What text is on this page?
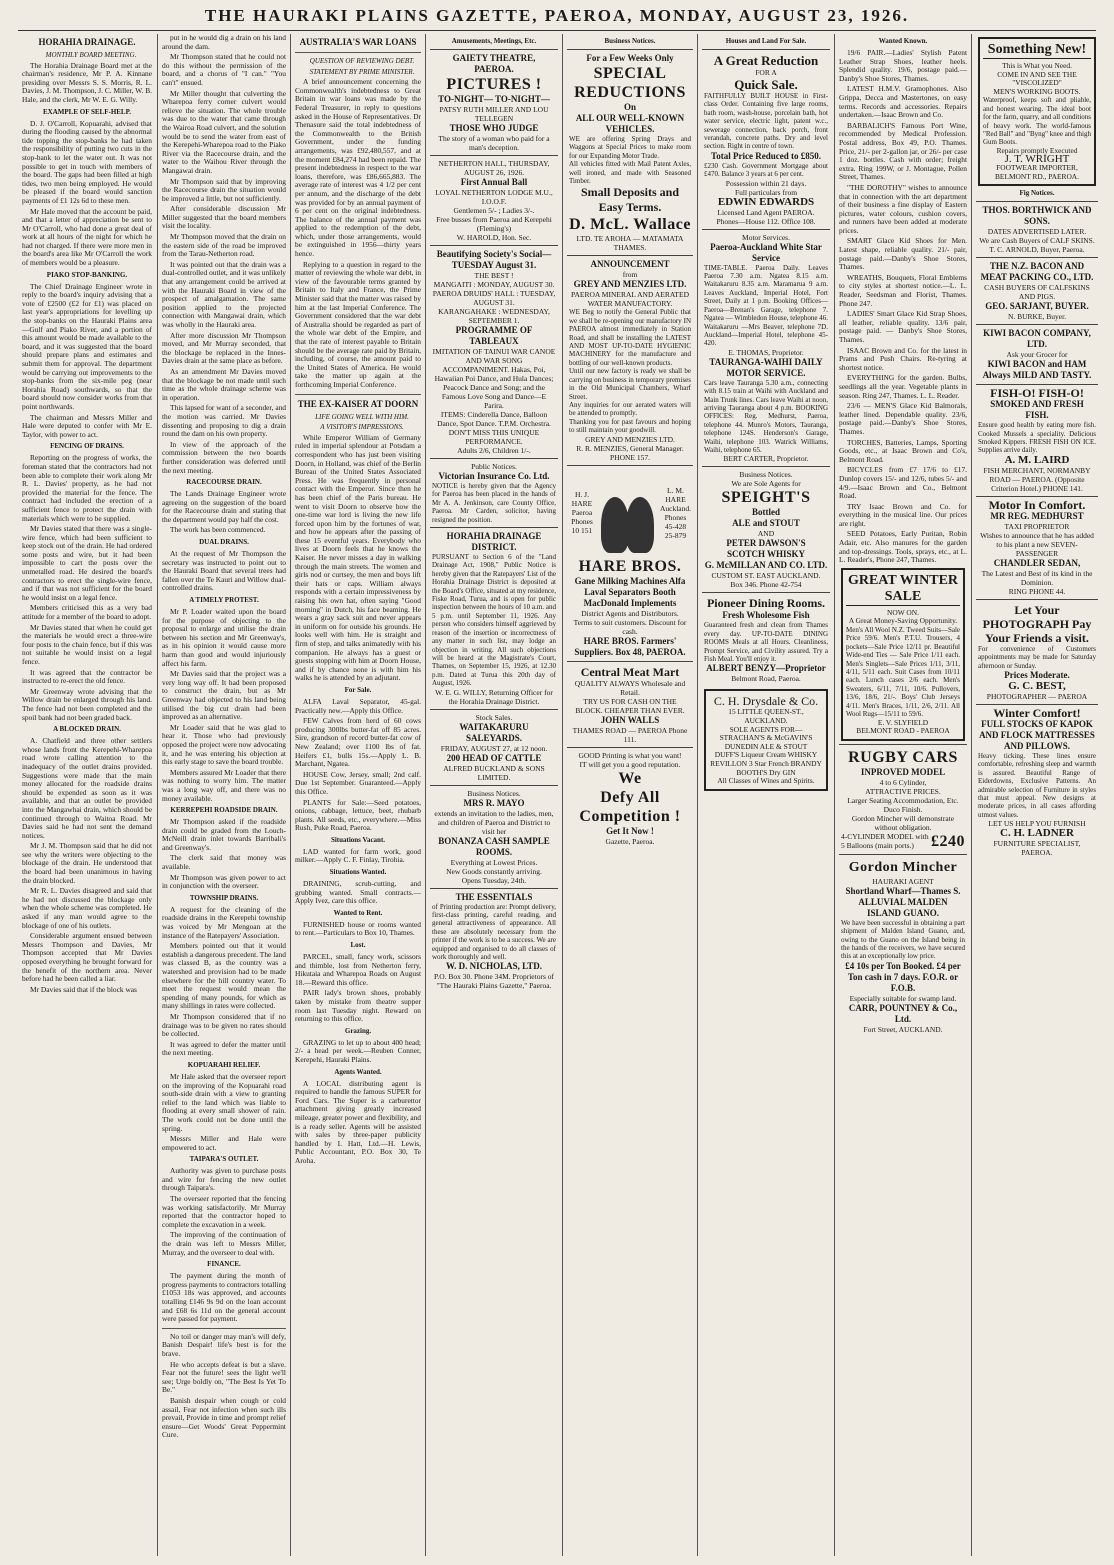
THE HAURAKI PLAINS GAZETTE, PAEROA, MONDAY, AUGUST 23, 1926.

HORAHIA DRAINAGE.

MONTHLY BOARD MEETING.

The Horahia Drainage Board met at the chairman's residence, Mr P. A. Kinnane presiding over Messrs S. S. Morris, R. L. Davies, J. M. Thompson, J. C. Miller, W. B. Hale, and the clerk, Mr W. E. G. Willy.

EXAMPLE OF SELF-HELP.

D. J. O'Carroll, Kopuarahi, advised that during the flooding caused by the abnormal tide topping the stop-banks he had taken the responsibility of putting two cuts in the stop-bank to let the water out. It was not possible to get in touch with members of the board. The gaps had been filled at high tides, two men being employed. He would be pleased if the board would sanction payments of £1 12s 6d to these men.

Mr Hale moved that the account be paid, and that a letter of appreciation be sent to Mr O'Carroll, who had done a great deal of work at all hours of the night for which he had not charged. If there were more men in the board's area like Mr O'Carroll the work of members would be a pleasure.

PIAKO STOP-BANKING.

The Chief Drainage Engineer wrote in reply to the board's inquiry advising that a vote of £2500 (£2 for £1) was placed on last year's appropriations for levelling up the stop-banks on the Hauraki Plains area—Gulf and Piako River, and a portion of this amount would be made available to the board, and it was suggested that the board should prepare plans and estimates and submit them for approval. The department would be carrying out improvements to the stop-banks from the six-mile peg (near Horahia Road) southwards, so that the board should now consider works from that point northwards.

The chairman and Messrs Miller and Hale were deputed to confer with Mr E. Taylor, with power to act.

FENCING OF DRAINS.

Reporting on the progress of works, the foreman stated that the contractors had not been able to complete their work along Mr R. L. Davies' property, as he had not provided the material for the fence. The contract had included the erection of a sufficient fence to protect the drain with materials which were to be supplied.

Mr Davies stated that there was a single-wire fence, which had been sufficient to keep stock out of the drain. He had ordered some posts and wire, but it had been impossible to cart the posts over the unmetalled road. He desired the board's contractors to erect the single-wire fence, and if that was not sufficient for the board he would insist on a legal fence.

Members criticised this as a very bad attitude for a member of the board to adopt.

Mr Davies stated that when he could get the materials he would erect a three-wire four posts to the chain fence, but if this was not suitable he would insist on a legal fence.

It was agreed that the contractor be instructed to re-erect the old fence.

Mr Greenway wrote advising that the Willow drain be enlarged through his land. The fence had not been completed and the spoil bank had not been graded back.

A BLOCKED DRAIN.

A. Chatfield and three other settlers whose lands front the Kerepehi-Wharepoa road wrote calling attention to the inadequacy of the outlet drains provided. Suggestions were made that the main money allocated for the roadside drains should be expended as soon as it was available, and that an outlet be provided into the Mangawhai drain, which should be continued through to Waitoa Road. Mr Davies said he had not sent the demand notices.

Mr J. M. Thompson said that he did not see why the writers were objecting to the blockage of the drain. He understood that the board had been unanimous in having the drain blocked.

Mr R. L. Davies disagreed and said that he had not discussed the blockage only when the whole scheme was completed. He asked if any man would agree to the blockage of one of his outlets.

Considerable argument ensued between Messrs Thompson and Davies, Mr Thompson accepted that Mr Davies opposed everything he brought forward for the benefit of the northern area. Never before had he been called a liar.

Mr Davies said that if the block was

put in he would dig a drain on his land around the dam.

Mr Thompson stated that he could not do this without the permission of the board, and a chorus of "I can." "You can't" ensued.

Mr Miller thought that culverting the Wharepoa ferry corner culvert would relieve the situation. The whole trouble was due to the water that came through the Wairoa Road culvert, and the solution would be to send the water from east of the Kerepehi-Wharepoa road to the Piako River via the Racecourse drain, and the water to the Waihou River through the Mangawai drain.

Mr Thompson said that by improving the Racecourse drain the situation would be improved a little, but not sufficiently.

After considerable discussion Mr Miller suggested that the board members visit the locality.

Mr Thompson moved that the drain on the eastern side of the road be improved from the Tarau-Netherton road.

It was pointed out that the drain was a dual-controlled outlet, and it was unlikely that any arrangement could be arrived at with the Hauraki Board in view of the prospect of amalgamation. The same position applied to the projected connection with Mangawai drain, which was wholly in the Hauraki area.

After more discussion Mr Thompson moved, and Mr Murray seconded, that the blockage be replaced in the Innes-Davies drain at the same place as before.

As an amendment Mr Davies moved that the blockage be not made until such time as the whole drainage scheme was in operation.

This lapsed for want of a seconder, and the motion was carried. Mr Davies dissenting and proposing to dig a drain round the dam on his own property.

In view of the approach of the commission between the two boards further consideration was deferred until the next meeting.

RACECOURSE DRAIN.

The Lands Drainage Engineer wrote agreeing on the suggestion of the board for the Racecourse drain and stating that the department would pay half the cost.

The work has been commenced.

DUAL DRAINS.

At the request of Mr Thompson the secretary was instructed to point out to the Hauraki Board that several trees had fallen over the Te Kauri and Willow dual-controlled drains.

A TIMELY PROTEST.

Mr P. Loader waited upon the board for the purpose of objecting to the proposal to enlarge and utilise the drain between his section and Mr Greenway's, as in his opinion it would cause more harm than good and would injuriously affect his farm.

Mr Davies said that the project was a very long way off. It had been proposed to construct the drain, but as Mr Greenway had objected to his land being utilised the big cut drain had been improved as an alternative.

Mr Loader said that he was glad to hear it. Those who had previously opposed the project were now advocating it, and he was entering his objection at this early stage to save the board trouble.

Members assured Mr Loader that there was nothing to worry him. The matter was a long way off, and there was no money available.

KERREPEHI ROADSIDE DRAIN.

Mr Thompson asked if the roadside drain could be graded from the Louch-McNeill drain inlet towards Barribali's and Greenway's.

The clerk said that money was available.

Mr Thompson was given power to act in conjunction with the overseer.

TOWNSHIP DRAINS.

A request for the cleaning of the roadside drains in the Kerepehi township was voiced by Mr Mengoan at the instance of the Ratepayers' Association.

Members pointed out that it would establish a dangerous precedent. The land was classed B, as the country was a watershed and provision had to be made elsewhere for the hill country water. To meet the request would mean the spending of many pounds, for which as many shillings in rates were collected.

Mr Thompson considered that if no drainage was to be given no rates should be collected.

It was agreed to defer the matter until the next meeting.

KOPUARAHI RELIEF.

Mr Hale asked that the overseer report on the improving of the Kopuarahi road south-side drain with a view to granting relief to the land which was liable to flooding at every small shower of rain. The work could not be done until the spring.

Messrs Miller and Hale were empowered to act.

TAIPARA'S OUTLET.

Authority was given to purchase posts and wire for fencing the new outlet through Taipara's.

The overseer reported that the fencing was working satisfactorily. Mr Murray reported that the contractor hoped to complete the excavation in a week.

The improving of the continuation of the drain was left to Messrs Miller, Murray, and the overseer to deal with.

FINANCE.

The payment during the month of progress payments to contractors totalling £1053 18s was approved, and accounts totalling £146 9s 9d on the loan account and £68 6s 11d on the general account were passed for payment.

No toil or danger may man's will defy, Banish Despair! life's best is for the brave.

He who accepts defeat is but a slave. Fear not the future! sees the light we'll see; Urge boldly on, "The Best Is Yet To Be."

Banish despair when cough or cold assail, Fear not infection when such ills prevail, Provide in time and prompt relief ensure—Get Woods' Great Peppermint Cure.

AUSTRALIA'S WAR LOANS

QUESTION OF REVIEWING DEBT.

STATEMENT BY PRIME MINISTER.

A brief announcement concerning the Commonwealth's indebtedness to Great Britain in war loans was made by the Federal Treasurer, in reply to questions asked in the House of Representatives. Dr Thenasure said the total indebtedness of the Commonwealth to the British Government, under the funding arrangements, was £92,480,557, and at the moment £84,274 had been repaid. The present indebtedness in respect to the war loans, therefore, was £86,665,883. The average rate of interest was 4 1/2 per cent per annum, and the discharge of the debt was provided for by an annual payment of 6 per cent on the original indebtedness. The balance of the annual payment was applied to the redemption of the debt, which, under those arrangements, would be extinguished in 1956—thirty years hence.

Replying to a question in regard to the matter of reviewing the whole war debt, in view of the favourable terms granted by Britain to Italy and France, the Prime Minister said that the matter was raised by him at the last Imperial Conference. The Government considered that the war debt of Australia should be regarded as part of the whole war debt of the Empire, and that the rate of interest payable to Britain should be the average rate paid by Britain, including, of course, the amount paid to the United States of America. He would take the matter up again at the forthcoming Imperial Conference.

THE EX-KAISER AT DOORN

LIFE GOING WELL WITH HIM.

A VISITOR'S IMPRESSIONS.

While Emperor William of Germany ruled in imperial splendour at Potsdam a correspondent who has just been visiting Doorn, in Holland, was chief of the Berlin Bureau of the United States Associated Press. He was frequently in personal contact with the Emperor. Since then he has been chief of the Paris bureau. He went to visit Doorn to observe how the one-time war lord is living the new life forced upon him by the fortunes of war, and how he appears after the passing of these 15 eventful years. Everybody who lives at Doorn feels that he knows the Kaiser. He never misses a day in walking through the main streets. The women and girls nod or curtsey, the men and boys lift their hats or caps. William always responds with a certain impressiveness by raising his own hat, often saying "Good morning" in Dutch, his face beaming. He wears a gray sack suit and never appears in uniform on for outside his grounds. He looks well with him. He is straight and firm of step, and talks animatedly with his companion. He always has a guest or guests stopping with him at Doorn House, and if by chance none is with him his walks he is attended by an adjutant.

For Sale.

ALFA Laval Separator, 45-gal. Practically new.—Apply this Office.

FEW Calves from herd of 60 cows producing 300lbs butter-fat off 85 acres. Sire, grandson of record butter-fat cow of New Zealand; over 1100 lbs of fat. Heifers £1, bulls 15s.—Apply L. B. Marchant, Ngatea.

HOUSE Cow, Jersey, small; 2nd calf. Due 1st September. Guaranteed.—Apply this Office.

PLANTS for Sale:—Seed potatoes, onions, cabbage, lettuce, beet, rhubarb plants. All seeds, etc., everywhere.—Miss Rush, Puke Road, Paeroa.

Situations Vacant.

LAD wanted for farm work, good milker.—Apply C. F. Finlay, Tirohia.

Situations Wanted.

DRAINING, scrub-cutting, and grubbing wanted. Small contracts.—Apply Ivez, care this office.

Wanted to Rent.

FURNISHED house or rooms wanted to rent.—Particulars to Box 10, Thames.

Lost.

PARCEL, small, fancy work, scissors and thimble, lost from Netherton ferry, Hikutaia and Wharepoa Roads on August 18.—Reward this office.

PAIR lady's brown shoes, probably taken by mistake from theatre supper room last Tuesday night. Reward on returning to this office.

Grazing.

GRAZING to let up to about 400 head; 2/- a head per week.—Reuben Conner, Kerepehi, Hauraki Plains.

Agents Wanted.

A LOCAL distributing agent is required to handle the famous SUPER for Ford Cars. The Super is a carburettor attachment giving greatly increased mileage, greater power and flexibility, and is a ready seller. Agents will be assisted with sales by three-paper publicity handled by I. Hatt, Ltd.—H. Lewis, Public Accountant, P.O. Box 30, Te Aroha.

Amusements, Meetings, Etc.

GAIETY THEATRE, PAEROA.
PICTURES !
TO-NIGHT— TO-NIGHT—
PATSY RUTH MILLER AND LOU TELLEGEN
THOSE WHO JUDGE
The story of a woman who paid for a man's deception.
NETHERTON HALL, THURSDAY, AUGUST 26, 1926.
First Annual Ball
LOYAL NETHERTON LODGE M.U., I.O.O.F.
Gentlemen 5/- ; Ladies 3/-.
Free busses from Paeroa and Kerepehi (Fleming's)
W. HAROLD, Hon. Sec.
Beautifying Society's Social— TUESDAY August 31.
THE BEST !
MANGAITI : MONDAY, AUGUST 30.
PAEROA DRUIDS' HALL : TUESDAY, AUGUST 31.
KARANGAHAKE : WEDNESDAY, SEPTEMBER 1.
PROGRAMME OF TABLEAUX
IMITATION OF TAINUI WAR CANOE AND WAR SONG ACCOMPANIMENT. Hakas, Poi, Hawaiian Poi Dance, and Hula Dances; Peacock Dance and Song; and the Famous Love Song and Dance—E Parira.
ITEMS: Cinderella Dance, Balloon Dance, Spot Dance. T.P.M. Orchestra.
DON'T MISS THIS UNIQUE PERFORMANCE.
Adults 2/6, Children 1/-.
Public Notices.
Victorian Insurance Co. Ltd.
NOTICE is hereby given that the Agency for Paeroa has been placed in the hands of Mr A. A. Jenkinson, care County Office, Paeroa. Mr Carden, solicitor, having resigned the position.
HORAHIA DRAINAGE DISTRICT.
PURSUANT to Section 6 of the "Land Drainage Act, 1908," Public Notice is hereby given that the Ratepayers' List of the Horahia Drainage District is deposited at the Board's Office, situated at my residence, Fiske Road, Turua, and is open for public inspection between the hours of 10 a.m. and 5 p.m. until September 11, 1926. Any person who considers himself aggrieved by reason of the insertion or incorrectness of any matter in such list, may lodge an objection in writing. All such objections will be heard at the Magistrate's Court, Thames, on September 15, 1926, at 12.30 p.m. Dated at Turua this 20th day of August, 1926.
W. E. G. WILLY, Returning Officer for the Horahia Drainage District.
Stock Sales.
WAITAKARURU SALEYARDS.
FRIDAY, AUGUST 27, at 12 noon.
200 HEAD OF CATTLE
ALFRED BUCKLAND & SONS LIMITED.
Business Notices.
MRS R. MAYO
extends an invitation to the ladies, men, and children of Paeroa and District to visit her
BONANZA CASH SAMPLE ROOMS.
Everything at Lowest Prices.
New Goods constantly arriving.
Opens Tuesday, 24th.
THE ESSENTIALS
of Printing production are: Prompt delivery, first-class printing, careful reading, and general attractiveness of appearance. All these are absolutely necessary from the printer if the work is to be a success. We are equipped and organised to do all classes of work thoroughly and well.
W. D. NICHOLAS, LTD.
P.O. Box 30. Phone 34M. Proprietors of "The Hauraki Plains Gazette," Paeroa.

Business Notices.

For a Few Weeks Only
SPECIAL
REDUCTIONS
On
ALL OUR WELL-KNOWN
VEHICLES.
WE are offering Spring Drays and Waggons at Special Prices to make room for our Expanding Motor Trade.
All vehicles fitted with Mail Patent Axles, well ironed, and made with Seasoned Timber.
Small Deposits and Easy Terms.
D. McL. Wallace
LTD. TE AROHA — MATAMATA THAMES.
ANNOUNCEMENT
from
GREY AND MENZIES LTD.
PAEROA MINERAL AND AERATED WATER MANUFACTORY.
WE Beg to notify the General Public that we shall be re-opening our manufactory IN PAEROA almost immediately in Station Road, and shall be installing the LATEST AND MOST UP-TO-DATE HYGIENIC MACHINERY for the manufacture and bottling of our well-known products.
Until our new factory is ready we shall be carrying on business in temporary premises in the Old Municipal Chambers, Wharf Street.
Any inquiries for our aerated waters will be attended to promptly.
Thanking you for past favours and hoping to still maintain your goodwill.
GREY AND MENZIES LTD.
R. R. MENZIES, General Manager.
PHONE 157.
H. J. HARE Paeroa Phones 10 151
L. M. HARE Auckland. Phones 45-428 25-879
HARE BROS.
Gane Milking Machines Alfa Laval Separators Booth MacDonald Implements
District Agents and Distributors.
Terms to suit customers. Discount for cash.
HARE BROS. Farmers' Suppliers. Box 48, PAEROA.
Central Meat Mart
QUALITY ALWAYS Wholesale and Retail.
TRY US FOR CASH ON THE BLOCK. CHEAPER THAN EVER.
JOHN WALLS
THAMES ROAD — PAEROA Phone 111.
GOOD Printing is what you want!
IT will get you a good reputation.
We
Defy All
Competition !
Get It Now !
Gazette, Paeroa.

Houses and Land For Sale.

A Great Reduction
FOR A
Quick Sale.
FAITHFULLY BUILT HOUSE in First-class Order. Containing five large rooms, bath room, wash-house, porcelain bath, hot water service, electric light, patent w.c., sewerage connection, back porch, front verandah, concrete paths. Dry and level section. Right in centre of town.
Total Price Reduced to £850.
£230 Cash. Government Mortgage about £470. Balance 3 years at 6 per cent.
Possession within 21 days.
Full particulars from
EDWIN EDWARDS
Licensed Land Agent PAEROA.
Phones—House 112. Office 108.
Motor Services.
Paeroa-Auckland White Star Service
TIME-TABLE. Paeroa Daily. Leaves Paeroa 7.30 a.m. Ngatea 8.15 a.m. Waitakaruru 8.35 a.m. Maramarua 9 a.m. Leaves Auckland, Imperial Hotel, Fort Street, Daily at 1 p.m. Booking Offices—Paeroa—Brenan's Garage, telephone 7. Ngatea — Wimbledon House, telephone 46. Waitakaruru —Mrs Beaver, telephone 7D. Auckland—Imperial Hotel, telephone 45-420.
E. THOMAS, Proprietor.
TAURANGA-WAIHI DAILY MOTOR SERVICE.
Cars leave Tauranga 5.30 a.m., connecting with 8.15 train at Waihi with Auckland and Main Trunk lines. Cars leave Waihi at noon, arriving Tauranga about 4 p.m. BOOKING OFFICES: Reg. Medhurst, Paeroa, telephone 44. Munro's Motors, Tauranga, telephone 124S. Henderson's Garage, Waihi, telephone 103. Watrick Williams, Waihi, telephone 65.
BERT CARTER, Proprietor.
Business Notices.
We are Sole Agents for
SPEIGHT'S
Bottled
ALE and STOUT
AND
PETER DAWSON'S
SCOTCH WHISKY
G. McMILLAN AND CO. LTD.
CUSTOM ST. EAST AUCKLAND.
Box 346. Phone 42-754
Pioneer Dining Rooms.
Fresh Wholesome Fish
Guaranteed fresh and clean from Thames every day. UP-TO-DATE DINING ROOMS Meals at all Hours. Cleanliness, Prompt Service, and Civility assured. Try a Fish Meal. You'll enjoy it.
ALBERT BENZY—Proprietor
Belmont Road, Paeroa.
C. H. Drysdale & Co.
15 LITTLE QUEEN-ST., AUCKLAND.
SOLE AGENTS FOR—
STRACHAN'S & McGAVIN'S DUNEDIN ALE & STOUT
DUFF'S Liqueur Cream WHISKY
REVILLON 3 Star French BRANDY
BOOTH'S Dry GIN
All Classes of Wines and Spirits.

Wanted Known.

19/6 PAIR.—Ladies' Stylish Patent Leather Strap Shoes, leather heels. Splendid quality. 19/6, postage paid.—Danby's Shoe Stores, Thames.

LATEST H.M.V. Gramophones. Also Grippa, Decca and Mastertones, on easy terms. Records and accessories. Repairs undertaken.—Isaac Brown and Co.

BARBALICH'S Famous Port Wine, recommended by Medical Profession. Postal address, Box 49, P.O. Thames. Price, 21/- per 2-gallon jar, or 26/- per case 1 doz. bottles. Cash with order; freight extra. Ring 199W, or J. Montague, Pollen Street, Thames.

"THE DOROTHY" wishes to announce that in connection with the art department of their business a fine display of Eastern pictures, water colours, cushion covers, and runners have been added at moderate prices.

SMART Glace Kid Shoes for Men. Latest shape, reliable quality. 21/- pair, postage paid.—Danby's Shoe Stores, Thames.

WREATHS, Bouquets, Floral Emblems to city styles at shortest notice.—L. L. Reader, Seedsman and Florist, Thames. Phone 247.

LADIES' Smart Glace Kid Strap Shoes, all leather, reliable quality. 13/6 pair, postage paid. — Danby's Shoe Stores, Thames.

ISAAC Brown and Co. for the latest in Prams and Push Chairs. Re-tyring at shortest notice.

EVERYTHING for the garden. Bulbs, seedlings all the year. Vegetable plants in season. Ring 247, Thames. L. L. Reader.

23/6 — MEN'S Glace Kid Balmorals, leather lined. Dependable quality. 23/6, postage paid.—Danby's Shoe Stores, Thames.

TORCHES, Batteries, Lamps, Sporting Goods, etc., at Isaac Brown and Co's, Belmont Road.

BICYCLES from £7 17/6 to £17. Dunlop covers 15/- and 12/6, tubes 5/- and 4/9.—Isaac Brown and Co., Belmont Road.

TRY Isaac Brown and Co. for everything in the musical line. Our prices are right.

SEED Potatoes, Early Puritan, Robin Adair, etc. Also manures for the garden and top-dressings. Tools, sprays, etc., at L. L. Reader's, Phone 247, Thames.

GREAT WINTER SALE
NOW ON.
A Great Money-Saving Opportunity.
Men's All Wool N.Z. Tweed Suits—Sale Price 59/6. Men's P.T.U. Trousers, 4 pockets—Sale Price 12/11 pr. Beautiful Wide-end Ties — Sale Price 1/11 each. Men's Singlets—Sale Prices 1/11, 3/11, 4/11, 5/11 each. Suit Cases from 10/11 each. Lunch cases 2/6 each. Men's Sweaters, 6/11, 7/11, 10/6. Pullovers, 13/6, 18/6, 21/-. Boys' Club Jerseys 4/11. Men's Braces, 1/11, 2/6, 2/11. All Wool Rugs—15/11 to 59/6.
E. V. SLYFIELD
BELMONT ROAD - PAEROA
RUGBY CARS
INPROVED MODEL
4 to 6 Cylinder,
ATTRACTIVE PRICES.
Larger Seating Accommodation, Etc. Duco Finish.
Gordon Mincher will demonstrate without obligation.
4-CYLINDER MODEL with 5 Balloons (main ports.)	£240
Gordon Mincher
HAURAKI AGENT
Shortland Wharf—Thames S.
ALLUVIAL MALDEN ISLAND GUANO.
We have been successful in obtaining a part shipment of Malden Island Guano, and, owing to the Guano on the Island being in the hands of the receivers, we have secured this at an exceptionally low price.
£4 10s per Ton Booked. £4 per Ton cash in 7 days. F.O.R. or F.O.B.
Especially suitable for swamp land.
CARR, POUNTNEY & Co., Ltd.
Fort Street, AUCKLAND.
Something New!
This is What you Need.
COME IN AND SEE THE
"VISCOLIZED"
MEN'S WORKING BOOTS.
Waterproof, keeps soft and pliable, and honest wearing. The ideal boot for the farm, quarry, and all conditions of heavy work. The world-famous "Red Ball" and "Byng" knee and thigh Gum Boots.
Repairs promptly Executed
J. T. WRIGHT
FOOTWEAR IMPORTER, BELMONT RD., PAEROA.

Fig Notices.

THOS. BORTHWICK AND SONS.
DATES ADVERTISED LATER.
We are Cash Buyers of CALF SKINS.
T. C. ARNOLD, Buyer, Paeroa.
THE N.Z. BACON AND MEAT PACKING CO., LTD.
CASH BUYERS OF CALFSKINS AND PIGS.
GEO. SARJANT, BUYER.
N. BURKE, Buyer.
KIWI BACON COMPANY, LTD.
Ask your Grocer for
KIWI BACON and HAM
Always MILD AND TASTY.
FISH-O! FISH-O!
SMOKED AND FRESH FISH.
Ensure good health by eating more fish. Cooked Mussels a speciality. Delicious Smoked Kippers. FRESH FISH ON ICE. Supplies arrive daily.
A. M. LAIRD
FISH MERCHANT, NORMANBY ROAD — PAEROA. (Opposite Criterion Hotel.) PHONE 141.
Motor In Comfort.
MR REG. MEDHURST
TAXI PROPRIETOR
Wishes to announce that he has added to his plant a new SEVEN-PASSENGER
CHANDLER SEDAN,
The Latest and Best of its kind in the Dominion.
RING PHONE 44.
Let Your PHOTOGRAPH Pay Your Friends a visit.
For convenience of Customers appointments may be made for Saturday afternoon or Sunday.
Prices Moderate.
G. C. BEST,
PHOTOGRAPHER — PAEROA
Winter Comfort!
FULL STOCKS OF KAPOK AND FLOCK MATTRESSES AND PILLOWS.
Heavy ticking. These lines ensure comfortable, refreshing sleep and warmth is assured. Beautiful Range of Eiderdowns, Exclusive Patterns. An admirable selection of Furniture in styles that must appeal. New designs at moderate prices, in all cases affording utmost values.
LET US HELP YOU FURNISH
C. H. LADNER
FURNITURE SPECIALIST, PAEROA.
